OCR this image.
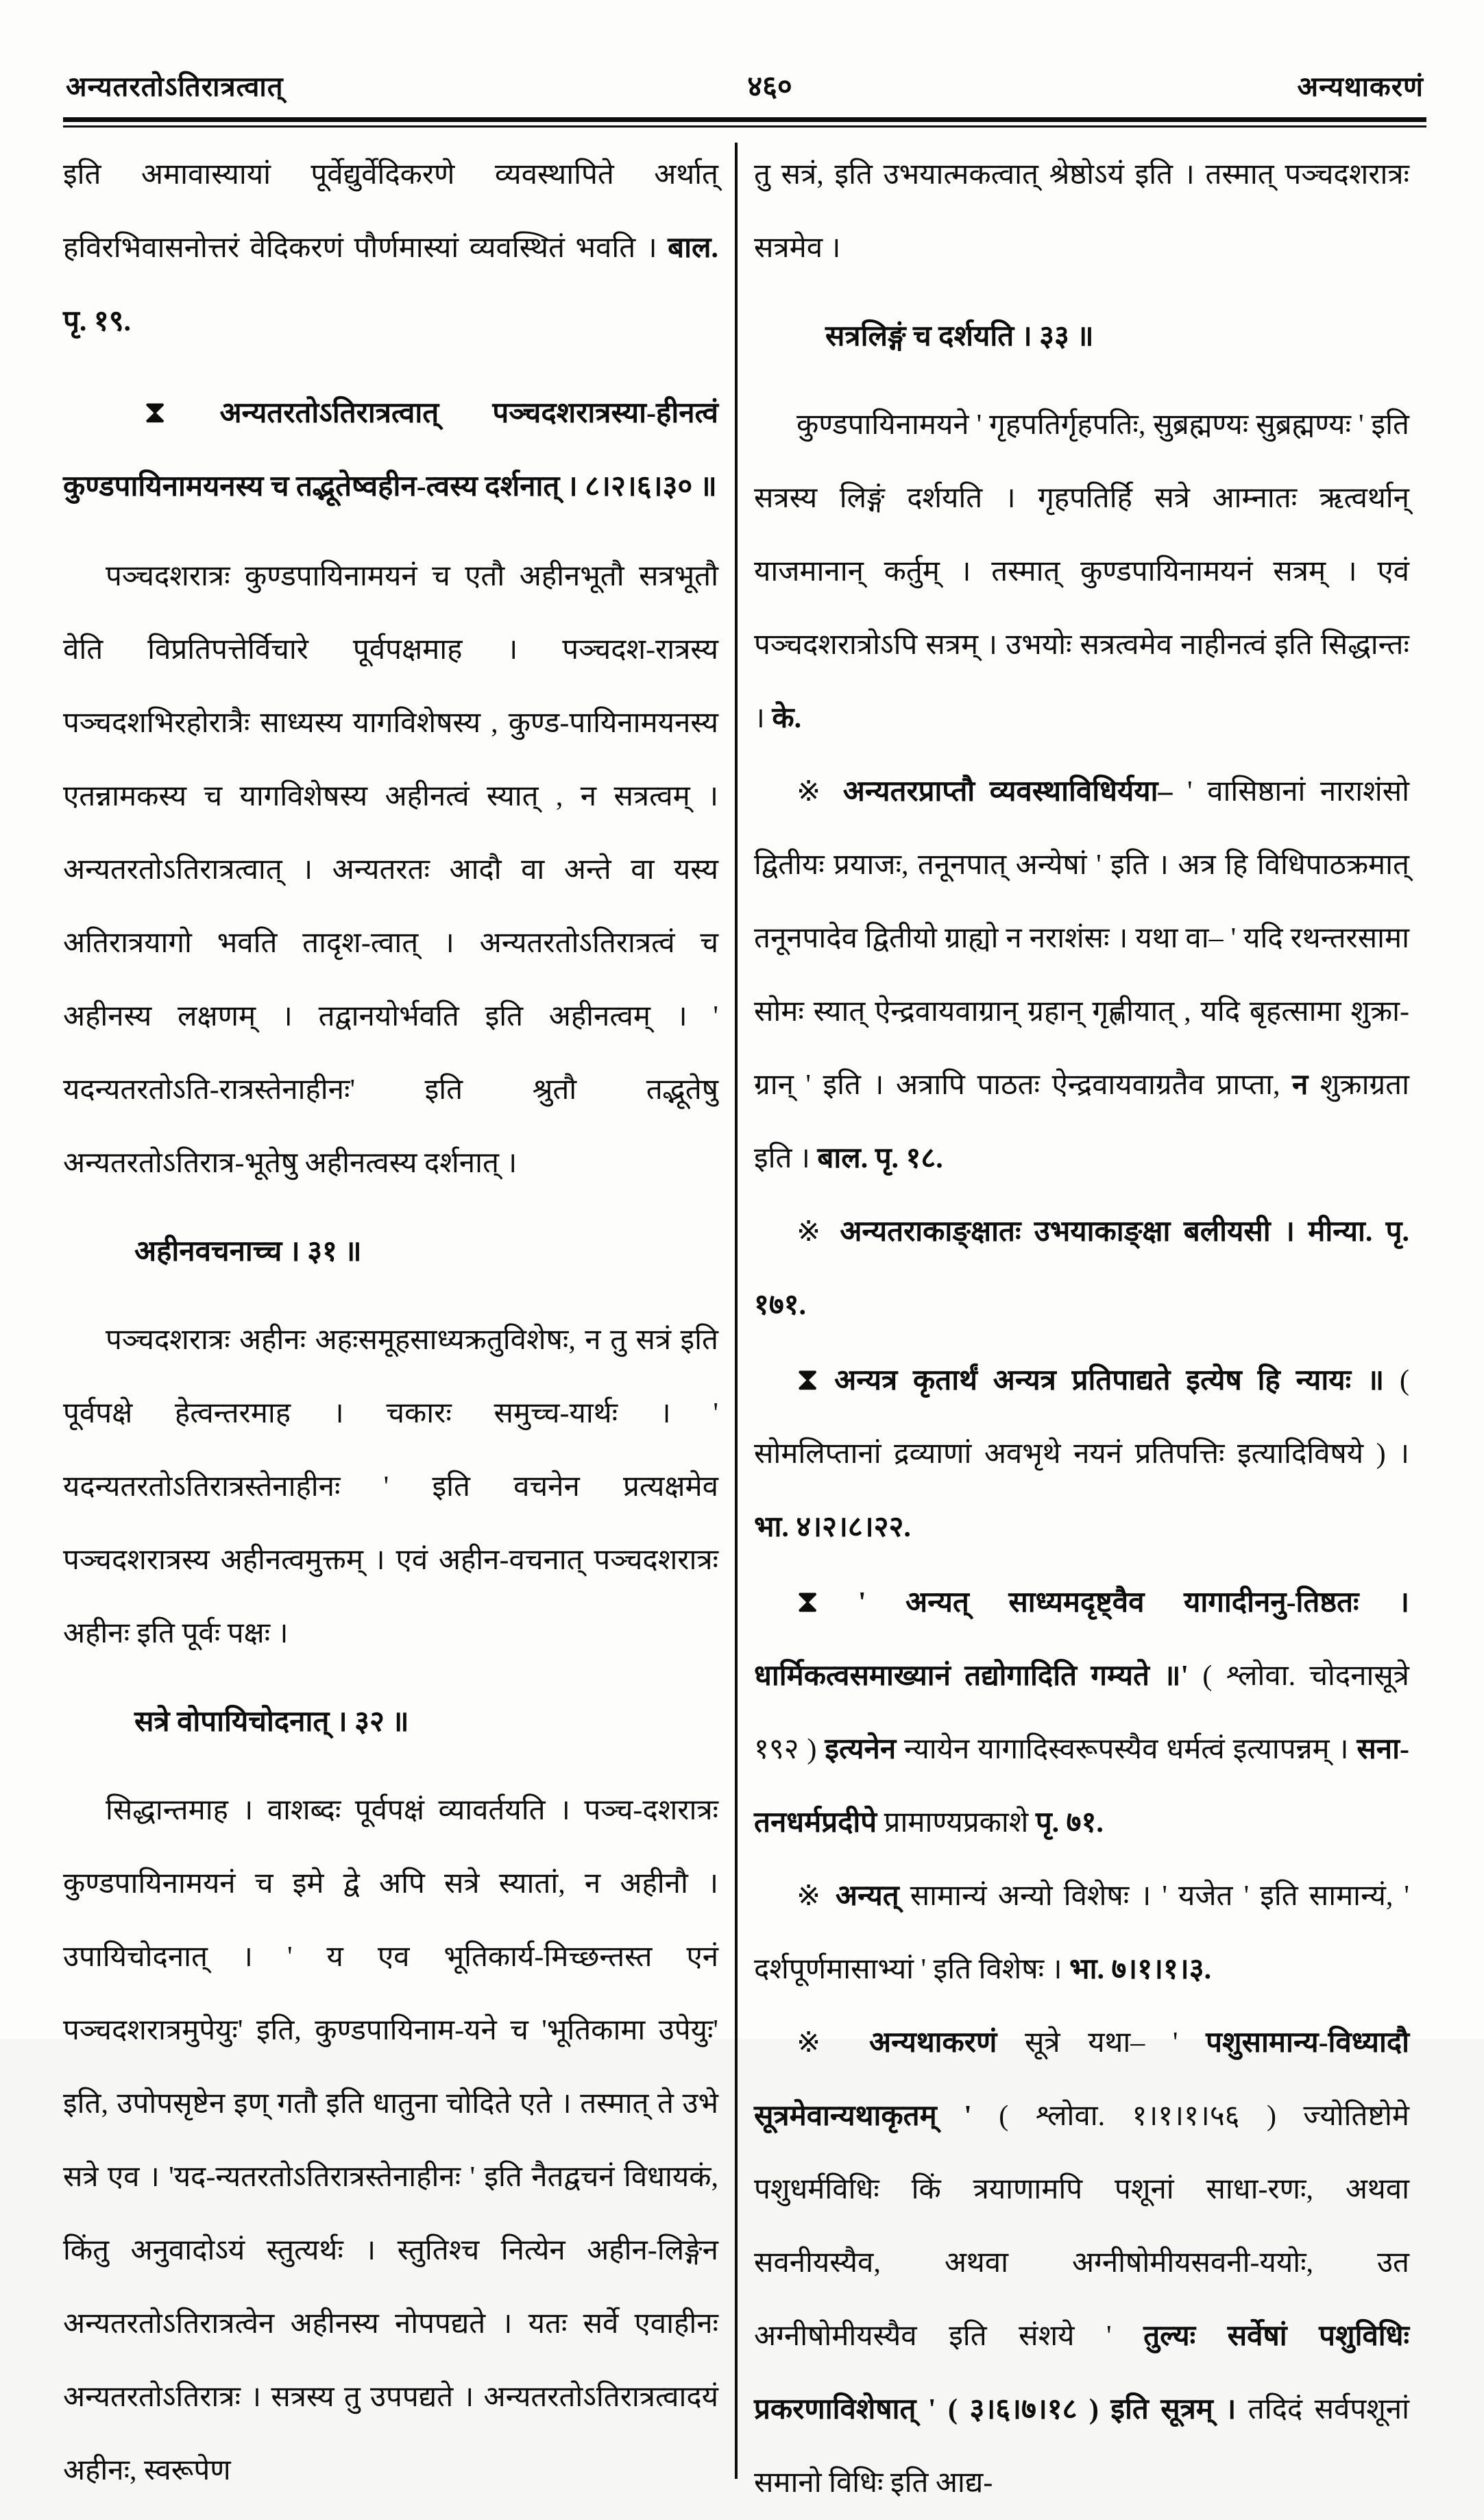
अन्यतरतोऽतिरात्रत्वात्	४६०	अन्यथाकरणं

इति अमावास्यायां पूर्वेद्युर्वेदिकरणे व्यवस्थापिते अर्थात् हविरभिवासनोत्तरं वेदिकरणं पौर्णमास्यां व्यवस्थितं भवति । बाल. पृ. १९.

⧗ अन्यतरतोऽतिरात्रत्वात् पञ्चदशरात्रस्या-हीनत्वं कुण्डपायिनामयनस्य च तद्भूतेष्वहीन-त्वस्य दर्शनात् । ८।२।६।३० ॥

पञ्चदशरात्रः कुण्डपायिनामयनं च एतौ अहीनभूतौ सत्रभूतौ वेति विप्रतिपत्तेर्विचारे पूर्वपक्षमाह । पञ्चदश-रात्रस्य पञ्चदशभिरहोरात्रैः साध्यस्य यागविशेषस्य , कुण्ड-पायिनामयनस्य एतन्नामकस्य च यागविशेषस्य अहीनत्वं स्यात् , न सत्रत्वम् । अन्यतरतोऽतिरात्रत्वात् । अन्यतरतः आदौ वा अन्ते वा यस्य अतिरात्रयागो भवति तादृश-त्वात् । अन्यतरतोऽतिरात्रत्वं च अहीनस्य लक्षणम् । तद्वानयोर्भवति इति अहीनत्वम् । ' यदन्यतरतोऽति-रात्रस्तेनाहीनः' इति श्रुतौ तद्भूतेषु अन्यतरतोऽतिरात्र-भूतेषु अहीनत्वस्य दर्शनात् ।

अहीनवचनाच्च । ३१ ॥

पञ्चदशरात्रः अहीनः अहःसमूहसाध्यक्रतुविशेषः, न तु सत्रं इति पूर्वपक्षे हेत्वन्तरमाह । चकारः समुच्च-यार्थः । ' यदन्यतरतोऽतिरात्रस्तेनाहीनः ' इति वचनेन प्रत्यक्षमेव पञ्चदशरात्रस्य अहीनत्वमुक्तम् । एवं अहीन-वचनात् पञ्चदशरात्रः अहीनः इति पूर्वः पक्षः ।

सत्रे वोपायिचोदनात् । ३२ ॥

सिद्धान्तमाह । वाशब्दः पूर्वपक्षं व्यावर्तयति । पञ्च-दशरात्रः कुण्डपायिनामयनं च इमे द्वे अपि सत्रे स्यातां, न अहीनौ । उपायिचोदनात् । ' य एव भूतिकार्य-मिच्छन्तस्त एनं पञ्चदशरात्रमुपेयुः' इति, कुण्डपायिनाम-यने च 'भूतिकामा उपेयुः' इति, उपोपसृष्टेन इण् गतौ इति धातुना चोदिते एते । तस्मात् ते उभे सत्रे एव । 'यद-न्यतरतोऽतिरात्रस्तेनाहीनः ' इति नैतद्वचनं विधायकं, किंतु अनुवादोऽयं स्तुत्यर्थः । स्तुतिश्च नित्येन अहीन-लिङ्गेन अन्यतरतोऽतिरात्रत्वेन अहीनस्य नोपपद्यते । यतः सर्वे एवाहीनः अन्यतरतोऽतिरात्रः । सत्रस्य तु उपपद्यते । अन्यतरतोऽतिरात्रत्वादयं अहीनः, स्वरूपेण

तु सत्रं, इति उभयात्मकत्वात् श्रेष्ठोऽयं इति । तस्मात् पञ्चदशरात्रः सत्रमेव ।

सत्रलिङ्गं च दर्शयति । ३३ ॥

कुण्डपायिनामयने ' गृहपतिर्गृहपतिः, सुब्रह्मण्यः सुब्रह्मण्यः ' इति सत्रस्य लिङ्गं दर्शयति । गृहपतिर्हि सत्रे आम्नातः ऋत्वर्थान् याजमानान् कर्तुम् । तस्मात् कुण्डपायिनामयनं सत्रम् । एवं पञ्चदशरात्रोऽपि सत्रम् । उभयोः सत्रत्वमेव नाहीनत्वं इति सिद्धान्तः । के.

※ अन्यतरप्राप्तौ व्यवस्थाविधिर्यया– ' वासिष्ठानां नाराशंसो द्वितीयः प्रयाजः, तनूनपात् अन्येषां ' इति । अत्र हि विधिपाठक्रमात् तनूनपादेव द्वितीयो ग्राह्यो न नराशंसः । यथा वा– ' यदि रथन्तरसामा सोमः स्यात् ऐन्द्रवायवाग्रान् ग्रहान् गृह्णीयात् , यदि बृहत्सामा शुक्रा-ग्रान् ' इति । अत्रापि पाठतः ऐन्द्रवायवाग्रतैव प्राप्ता, न शुक्राग्रता इति । बाल. पृ. १८.

※ अन्यतराकाङ्क्षातः उभयाकाङ्क्षा बलीयसी । मीन्या. पृ. १७१.

⧗ अन्यत्र कृतार्थं अन्यत्र प्रतिपाद्यते इत्येष हि न्यायः ॥ ( सोमलिप्तानां द्रव्याणां अवभृथे नयनं प्रतिपत्तिः इत्यादिविषये ) । भा. ४।२।८।२२.

⧗ ' अन्यत् साध्यमदृष्ट्वैव यागादीननु-तिष्ठतः । धार्मिकत्वसमाख्यानं तद्योगादिति गम्यते ॥' ( श्लोवा. चोदनासूत्रे १९२ ) इत्यनेन न्यायेन यागादिस्वरूपस्यैव धर्मत्वं इत्यापन्नम् । सना-तनधर्मप्रदीपे प्रामाण्यप्रकाशे पृ. ७१.

※ अन्यत् सामान्यं अन्यो विशेषः । ' यजेत ' इति सामान्यं, ' दर्शपूर्णमासाभ्यां ' इति विशेषः । भा. ७।१।१।३.

※ अन्यथाकरणं सूत्रे यथा– ' पशुसामान्य-विध्यादौ सूत्रमेवान्यथाकृतम् ' ( श्लोवा. १।१।१।५६ ) ज्योतिष्टोमे पशुधर्मविधिः किं त्रयाणामपि पशूनां साधा-रणः, अथवा सवनीयस्यैव, अथवा अग्नीषोमीयसवनी-ययोः, उत अग्नीषोमीयस्यैव इति संशये ' तुल्यः सर्वेषां पशुविधिः प्रकरणाविशेषात् ' ( ३।६।७।१८ ) इति सूत्रम् । तदिदं सर्वपशूनां समानो विधिः इति आद्य-
